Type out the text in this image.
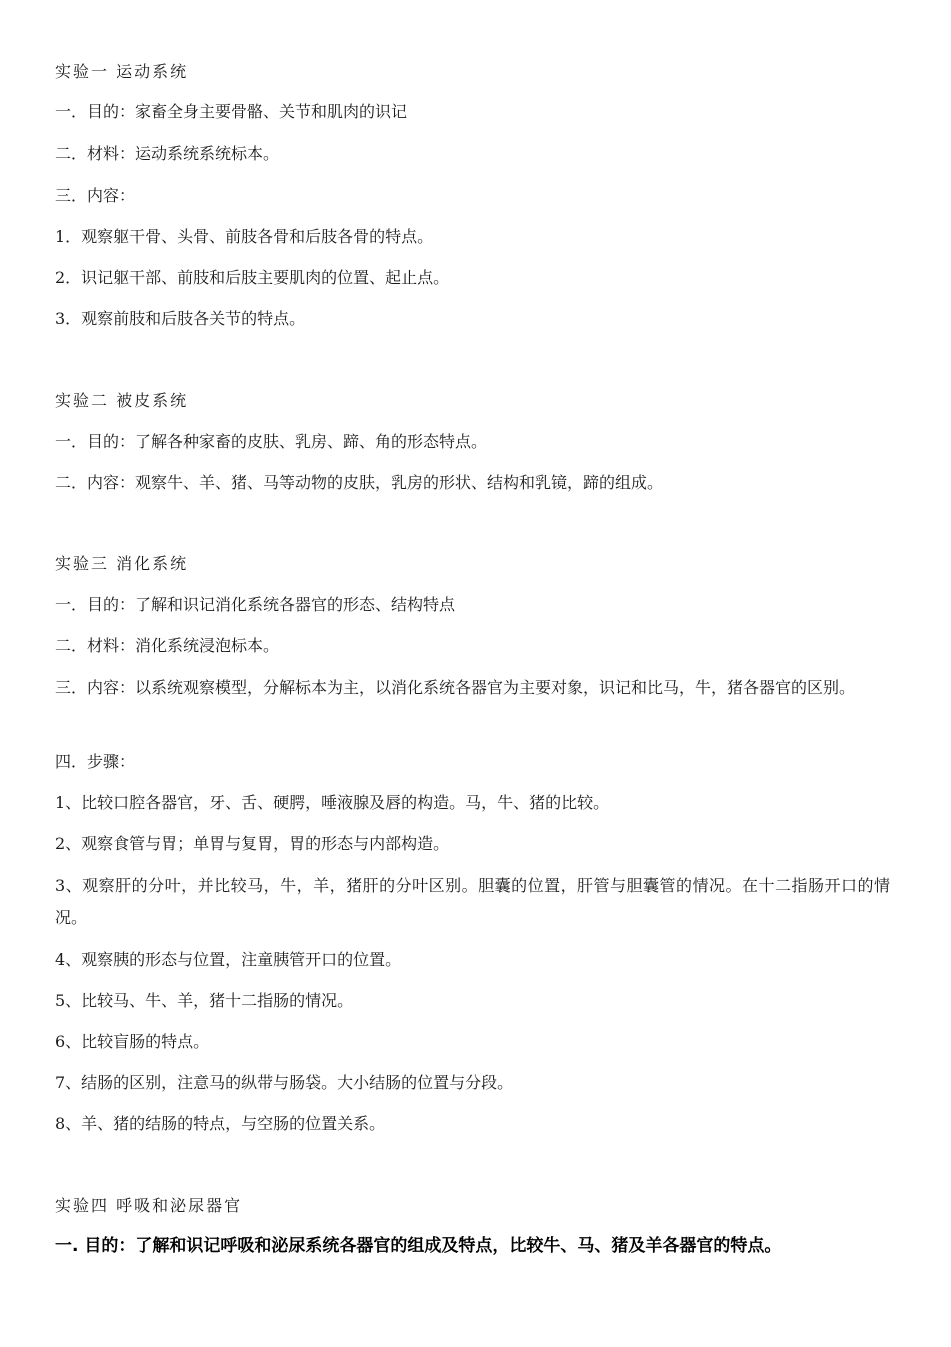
实验一 运动系统

一．目的：家畜全身主要骨骼、关节和肌肉的识记

二．材料：运动系统系统标本。

三．内容：

1．观察躯干骨、头骨、前肢各骨和后肢各骨的特点。

2．识记躯干部、前肢和后肢主要肌肉的位置、起止点。

3．观察前肢和后肢各关节的特点。

实验二 被皮系统

一．目的：了解各种家畜的皮肤、乳房、蹄、角的形态特点。

二．内容：观察牛、羊、猪、马等动物的皮肤，乳房的形状、结构和乳镜，蹄的组成。

实验三 消化系统

一．目的：了解和识记消化系统各器官的形态、结构特点

二．材料：消化系统浸泡标本。

三．内容：以系统观察模型，分解标本为主，以消化系统各器官为主要对象，识记和比马，牛，猪各器官的区别。

四．步骤：

1、比较口腔各器官，牙、舌、硬腭，唾液腺及唇的构造。马，牛、猪的比较。

2、观察食管与胃；单胃与复胃，胃的形态与内部构造。

3、观察肝的分叶，并比较马，牛，羊，猪肝的分叶区别。胆囊的位置，肝管与胆囊管的情况。在十二指肠开口的情况。

4、观察胰的形态与位置，注童胰管开口的位置。

5、比较马、牛、羊，猪十二指肠的情况。

6、比较盲肠的特点。

7、结肠的区别，注意马的纵带与肠袋。大小结肠的位置与分段。

8、羊、猪的结肠的特点，与空肠的位置关系。

实验四 呼吸和泌尿器官

一. 目的：了解和识记呼吸和泌尿系统各器官的组成及特点，比较牛、马、猪及羊各器官的特点。
